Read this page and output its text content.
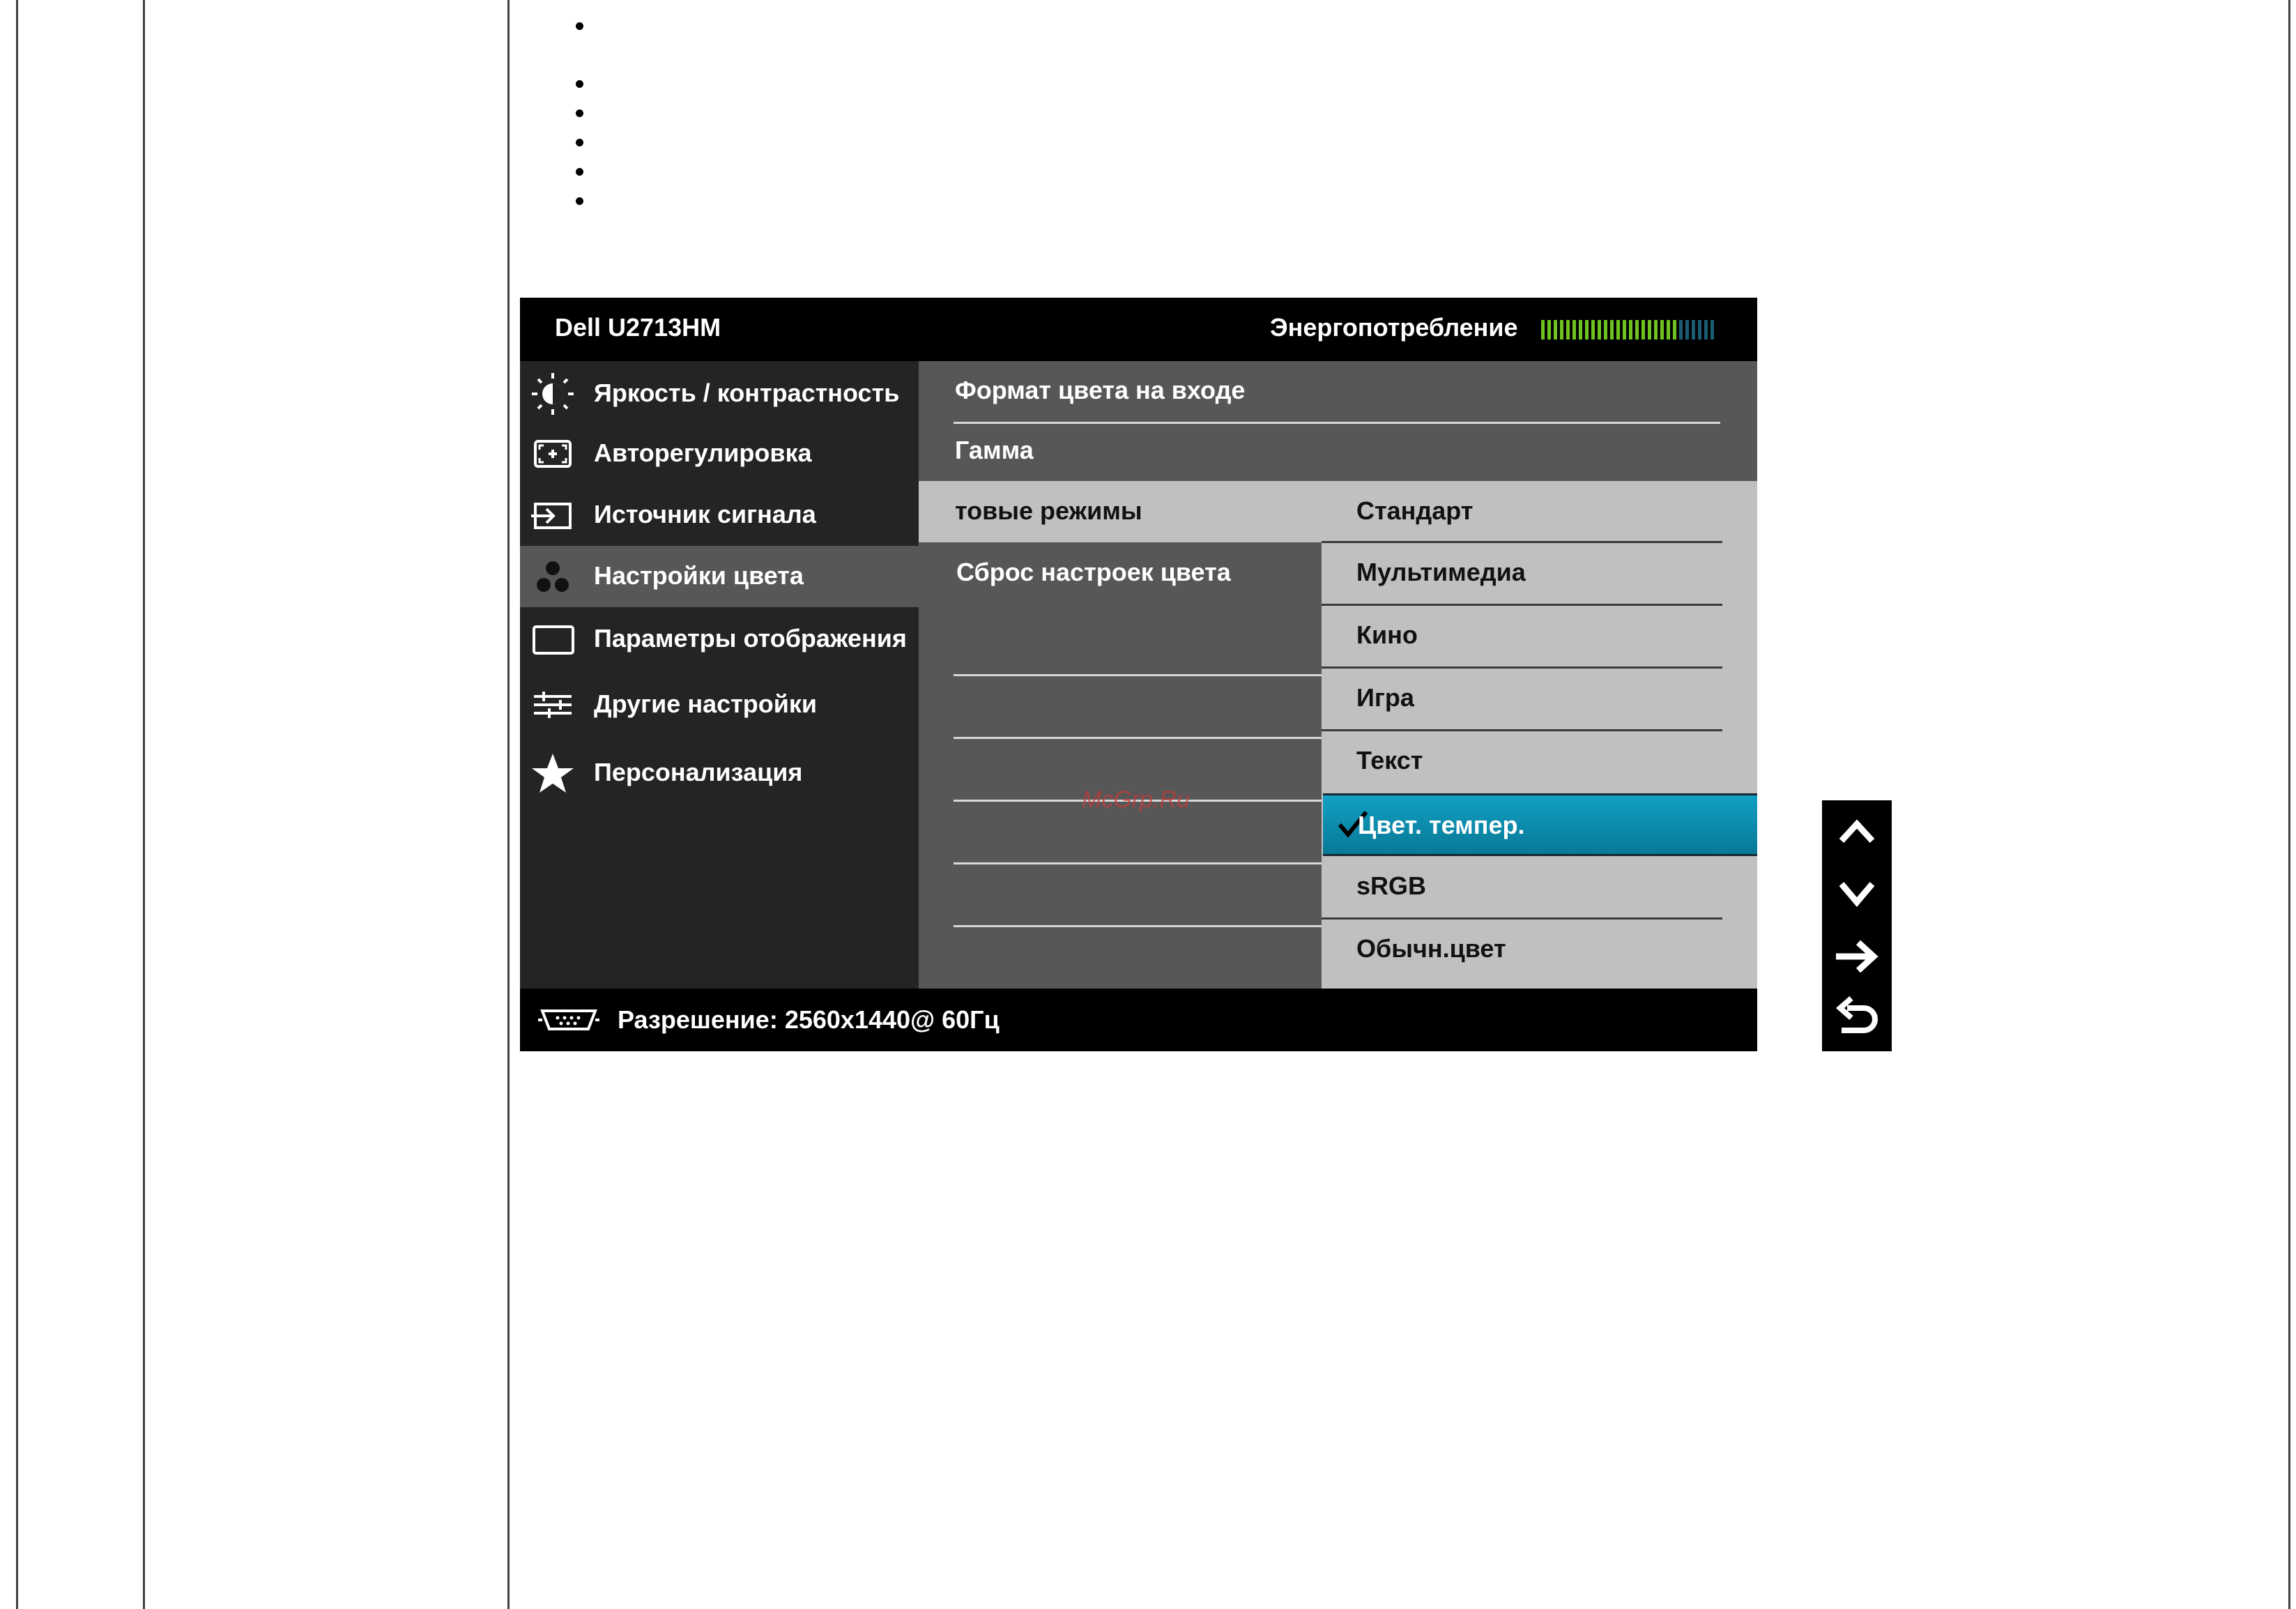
Dell U2713HM	Энергопотребление
Формат цвета на входе
Гамма
товые режимы
Сброс настроек цвета
Яркость / контрастность
Авторегулировка
Источник сигнала
Настройки цвета
Параметры отображения
Другие настройки
Персонализация
Стандарт
Мультимедиа
Кино
Игра
Текст
Цвет. темпер.
sRGB
Обычн.цвет
Разрешение: 2560x1440@ 60Гц
McGrp.Ru
